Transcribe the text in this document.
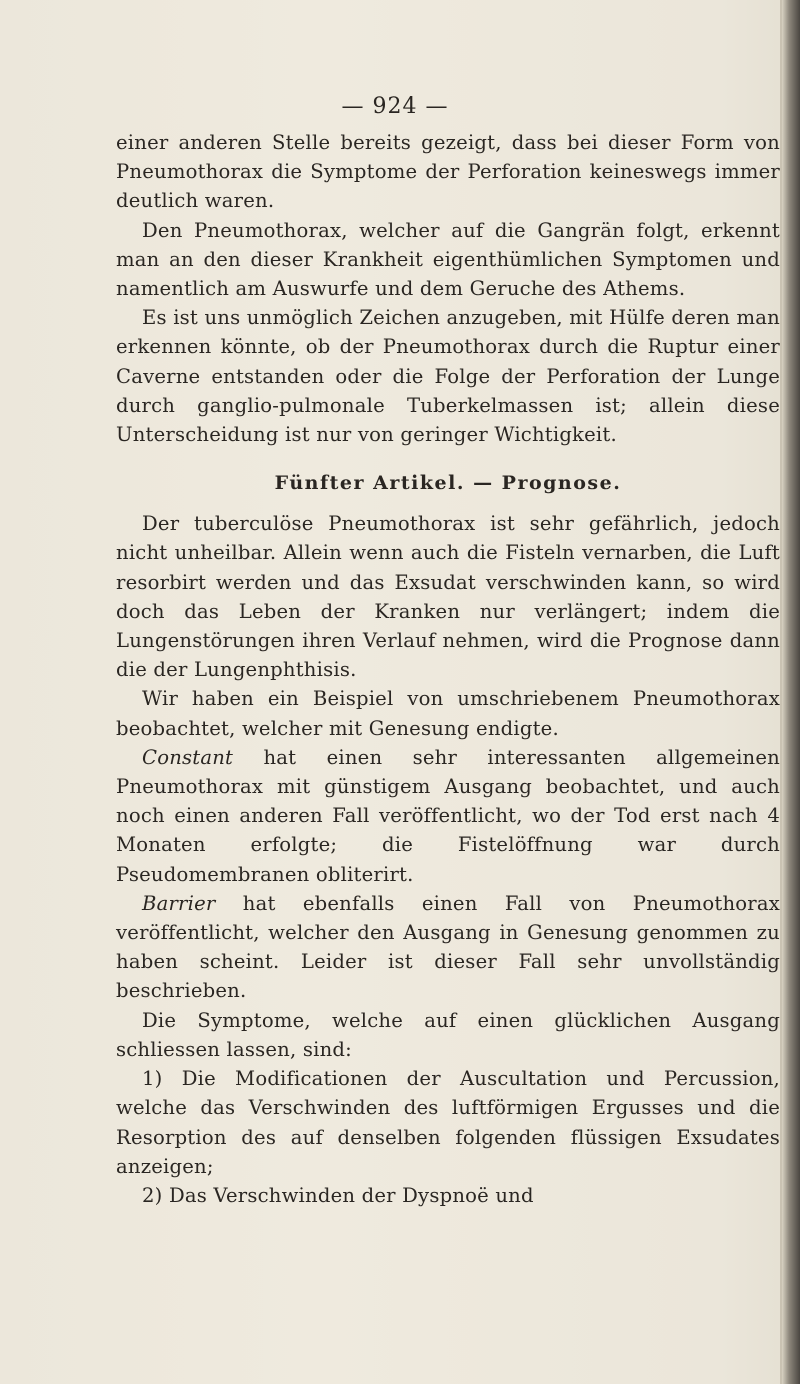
— 924 —

einer anderen Stelle bereits gezeigt, dass bei dieser Form von Pneumothorax die Symptome der Perforation keineswegs immer deutlich waren.

Den Pneumothorax, welcher auf die Gangrän folgt, erkennt man an den dieser Krankheit eigenthümlichen Symptomen und namentlich am Auswurfe und dem Geruche des Athems.

Es ist uns unmöglich Zeichen anzugeben, mit Hülfe deren man erkennen könnte, ob der Pneumothorax durch die Ruptur einer Caverne entstanden oder die Folge der Perforation der Lunge durch ganglio-pulmonale Tuberkelmassen ist; allein diese Unterscheidung ist nur von geringer Wichtigkeit.

Fünfter Artikel. — Prognose.

Der tuberculöse Pneumothorax ist sehr gefährlich, jedoch nicht unheilbar. Allein wenn auch die Fisteln vernarben, die Luft resorbirt werden und das Exsudat verschwinden kann, so wird doch das Leben der Kranken nur verlängert; indem die Lungenstörungen ihren Verlauf nehmen, wird die Prognose dann die der Lungenphthisis.

Wir haben ein Beispiel von umschriebenem Pneumothorax beobachtet, welcher mit Genesung endigte.

Constant hat einen sehr interessanten allgemeinen Pneumothorax mit günstigem Ausgang beobachtet, und auch noch einen anderen Fall veröffentlicht, wo der Tod erst nach 4 Monaten erfolgte; die Fistelöffnung war durch Pseudomembranen obliterirt.

Barrier hat ebenfalls einen Fall von Pneumothorax veröffentlicht, welcher den Ausgang in Genesung genommen zu haben scheint. Leider ist dieser Fall sehr unvollständig beschrieben.

Die Symptome, welche auf einen glücklichen Ausgang schliessen lassen, sind:

1) Die Modificationen der Auscultation und Percussion, welche das Verschwinden des luftförmigen Ergusses und die Resorption des auf denselben folgenden flüssigen Exsudates anzeigen;

2) Das Verschwinden der Dyspnoë und
